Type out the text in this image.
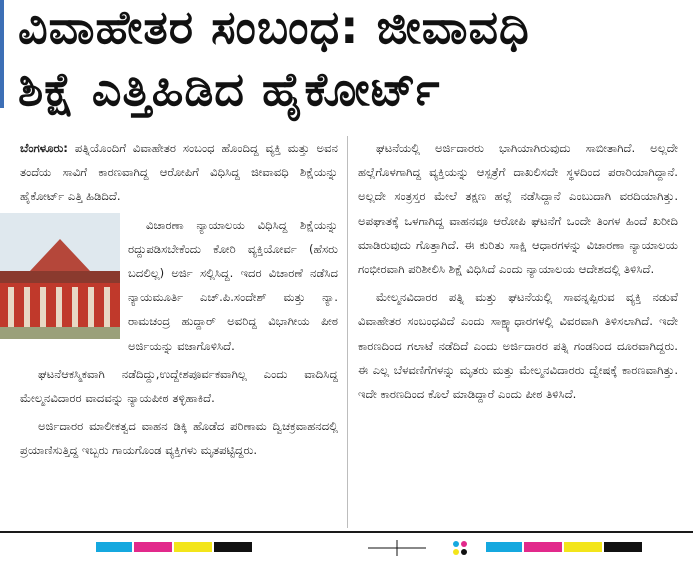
ವಿವಾಹೇತರ ಸಂಬಂಧ: ಜೀವಾವಧಿ
ಶಿಕ್ಷೆ ಎತ್ತಿಹಿಡಿದ ಹೈಕೋರ್ಟ್

ಬೆಂಗಳೂರು: ಪತ್ನಿಯೊಂದಿಗೆ ವಿವಾಹೇತರ ಸಂಬಂಧ ಹೊಂದಿದ್ದ ವ್ಯಕ್ತಿ ಮತ್ತು ಅವನ ತಂದೆಯ ಸಾವಿಗೆ ಕಾರಣವಾಗಿದ್ದ ಆರೋಪಿಗೆ ವಿಧಿಸಿದ್ದ ಜೀವಾವಧಿ ಶಿಕ್ಷೆಯನ್ನು ಹೈಕೋರ್ಟ್ ಎತ್ತಿ ಹಿಡಿದಿದೆ.

ವಿಚಾರಣಾ ನ್ಯಾಯಾಲಯ ವಿಧಿಸಿದ್ದ ಶಿಕ್ಷೆಯನ್ನು ರದ್ದುಪಡಿಸಬೇಕೆಂದು ಕೋರಿ ವ್ಯಕ್ತಿಯೋರ್ವ (ಹೆಸರು ಬದಲಿಲ್ಲ) ಅರ್ಜಿ ಸಲ್ಲಿಸಿದ್ದ. ಇದರ ವಿಚಾರಣೆ ನಡೆಸಿದ ನ್ಯಾಯಮೂರ್ತಿ ಎಚ್.ಪಿ.ಸಂದೇಶ್ ಮತ್ತು ನ್ಯಾ. ರಾಮಚಂದ್ರ ಹುದ್ದಾರ್ ಅವರಿದ್ದ ವಿಭಾಗೀಯ ಪೀಠ ಅರ್ಜಿಯನ್ನು ವಜಾಗೊಳಿಸಿದೆ.

ಘಟನೆಆಕಸ್ಮಿಕವಾಗಿ ನಡೆದಿದ್ದು,ಉದ್ದೇಶಪೂರ್ವಕವಾಗಿಲ್ಲ ಎಂದು ವಾದಿಸಿದ್ದ ಮೇಲ್ಮನವಿದಾರರ ವಾದವನ್ನು ನ್ಯಾಯಪೀಠ ತಳ್ಳಿಹಾಕಿದೆ.

ಅರ್ಜಿದಾರರ ಮಾಲೀಕತ್ವದ ವಾಹನ ಡಿಕ್ಕಿ ಹೊಡೆದ ಪರಿಣಾಮ ದ್ವಿಚಕ್ರವಾಹನದಲ್ಲಿ ಪ್ರಯಾಣಿಸುತ್ತಿದ್ದ ಇಬ್ಬರು ಗಾಯಗೊಂಡ ವ್ಯಕ್ತಿಗಳು ಮೃತಪಟ್ಟಿದ್ದರು.

ಘಟನೆಯಲ್ಲಿ ಅರ್ಜಿದಾರರು ಭಾಗಿಯಾಗಿರುವುದು ಸಾಬೀತಾಗಿದೆ. ಅಲ್ಲದೇ ಹಲ್ಲೆಗೊಳಗಾಗಿದ್ದ ವ್ಯಕ್ತಿಯನ್ನು ಆಸ್ಪತ್ರೆಗೆ ದಾಖಲಿಸದೇ ಸ್ಥಳದಿಂದ ಪರಾರಿಯಾಗಿದ್ದಾನೆ. ಅಲ್ಲದೇ ಸಂತ್ರಸ್ತರ ಮೇಲೆ ತಕ್ಷಣ ಹಲ್ಲೆ ನಡೆಸಿದ್ದಾನೆ ಎಂಬುದಾಗಿ ವರದಿಯಾಗಿತ್ತು. ಅಪಘಾತಕ್ಕೆ ಒಳಗಾಗಿದ್ದ ವಾಹನವೂ ಆರೋಪಿ ಘಟನೆಗೆ ಒಂದೇ ತಿಂಗಳ ಹಿಂದೆ ಖರೀದಿ ಮಾಡಿರುವುದು ಗೊತ್ತಾಗಿದೆ. ಈ ಕುರಿತು ಸಾಕ್ಷಿ ಆಧಾರಗಳನ್ನು ವಿಚಾರಣಾ ನ್ಯಾಯಾಲಯ ಗಂಭೀರವಾಗಿ ಪರಿಶೀಲಿಸಿ ಶಿಕ್ಷೆ ವಿಧಿಸಿದೆ ಎಂದು ನ್ಯಾಯಾಲಯ ಆದೇಶದಲ್ಲಿ ತಿಳಿಸಿದೆ.

ಮೇಲ್ಮನವಿದಾರರ ಪತ್ನಿ ಮತ್ತು ಘಟನೆಯಲ್ಲಿ ಸಾವನ್ನಪ್ಪಿರುವ ವ್ಯಕ್ತಿ ನಡುವೆ ವಿವಾಹೇತರ ಸಂಬಂಧವಿದೆ ಎಂದು ಸಾಕ್ಷ್ಯಾಧಾರಗಳಲ್ಲಿ ವಿವರವಾಗಿ ತಿಳಿಸಲಾಗಿದೆ. ಇದೇ ಕಾರಣದಿಂದ ಗಲಾಟೆ ನಡೆದಿದೆ ಎಂದು ಅರ್ಜಿದಾರರ ಪತ್ನಿ ಗಂಡನಿಂದ ದೂರವಾಗಿದ್ದರು. ಈ ಎಲ್ಲ ಬೆಳವಣಿಗೆಗಳನ್ನು ಮೃತರು ಮತ್ತು ಮೇಲ್ಮನವಿದಾರರು ದ್ವೇಷಕ್ಕೆ ಕಾರಣವಾಗಿತ್ತು. ಇದೇ ಕಾರಣದಿಂದ ಕೊಲೆ ಮಾಡಿದ್ದಾರೆ ಎಂದು ಪೀಠ ತಿಳಿಸಿದೆ.
